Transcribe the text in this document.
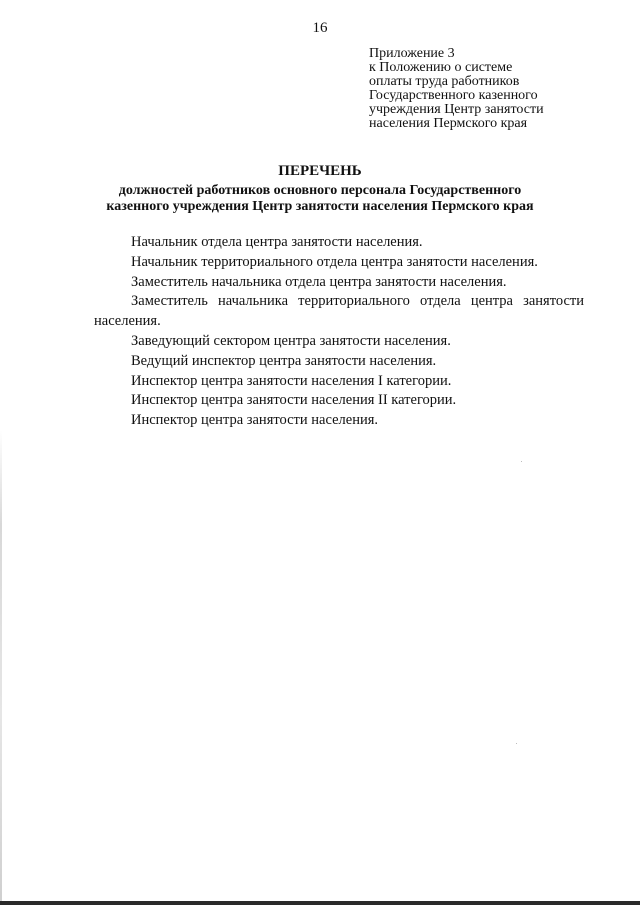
16
Приложение 3
к Положению о системе
оплаты труда работников
Государственного казенного
учреждения Центр занятости
населения Пермского края
ПЕРЕЧЕНЬ
должностей работников основного персонала Государственного
казенного учреждения Центр занятости населения Пермского края
Начальник отдела центра занятости населения.
Начальник территориального отдела центра занятости населения.
Заместитель начальника отдела центра занятости населения.
Заместитель начальника территориального отдела центра занятости населения.
Заведующий сектором центра занятости населения.
Ведущий инспектор центра занятости населения.
Инспектор центра занятости населения I категории.
Инспектор центра занятости населения II категории.
Инспектор центра занятости населения.
